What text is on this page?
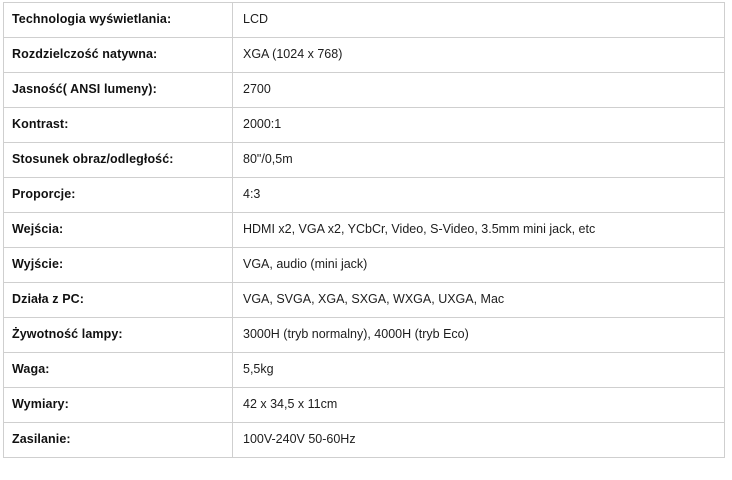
Technologia wyświetlania:	LCD
Rozdzielczość natywna:	XGA (1024 x 768)
Jasność( ANSI lumeny):	2700
Kontrast:	2000:1
Stosunek obraz/odległość:	80"/0,5m
Proporcje:	4:3
Wejścia:	HDMI x2, VGA x2, YCbCr, Video, S-Video, 3.5mm mini jack, etc
Wyjście:	VGA, audio (mini jack)
Działa z PC:	VGA, SVGA, XGA, SXGA, WXGA, UXGA, Mac
Żywotność lampy:	3000H (tryb normalny), 4000H (tryb Eco)
Waga:	5,5kg
Wymiary:	42 x 34,5 x 11cm
Zasilanie:	100V-240V 50-60Hz
